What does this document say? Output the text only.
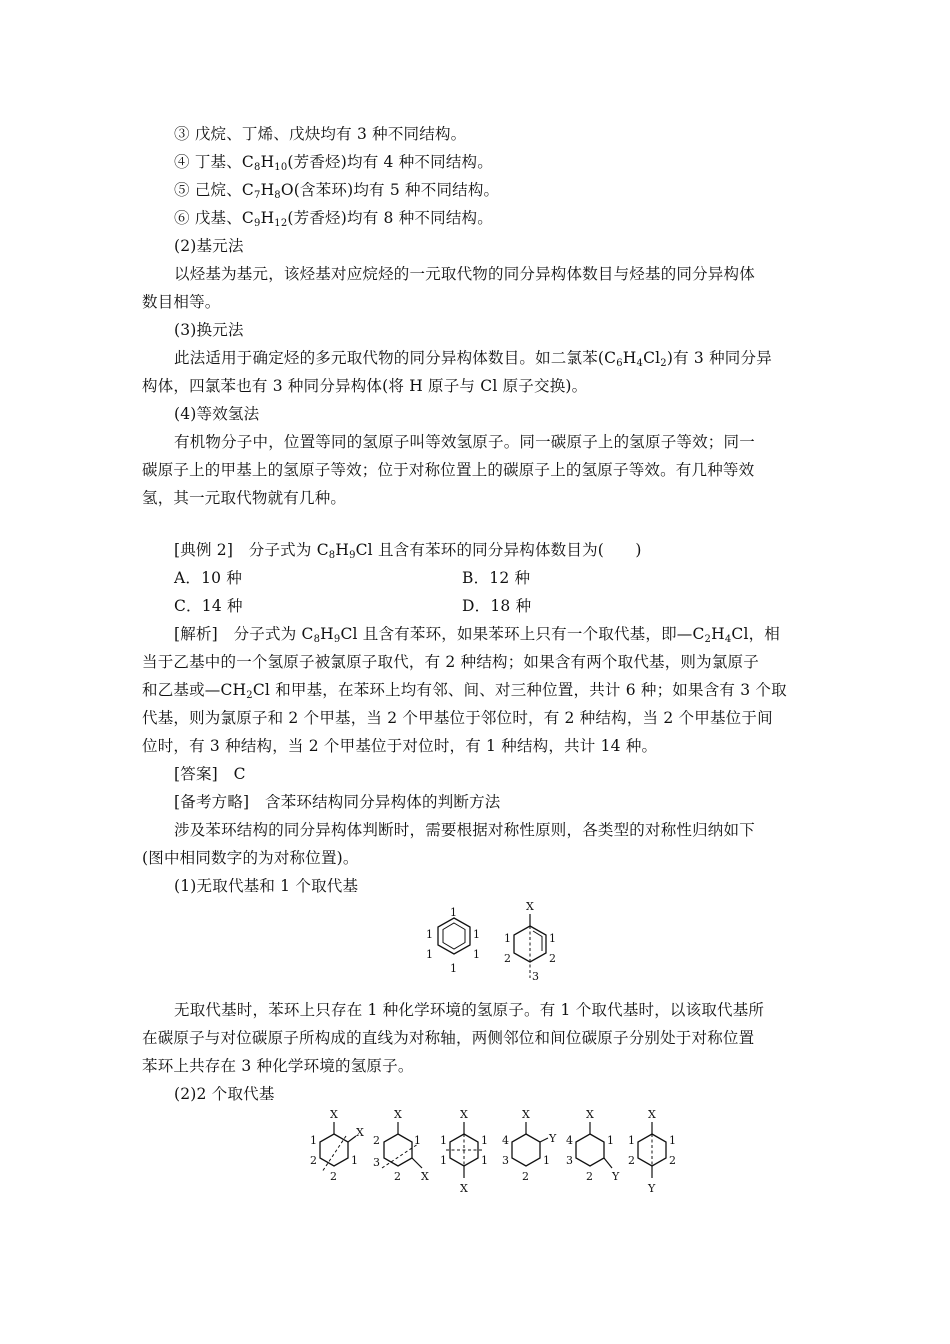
③ 戊烷、丁烯、戊炔均有 3 种不同结构。
④ 丁基、$C_8H_{10}$(芳香烃)均有 4 种不同结构。
⑤ 己烷、$C_7H_8O$(含苯环)均有 5 种不同结构。
⑥ 戊基、$C_9H_{12}$(芳香烃)均有 8 种不同结构。
(2)基元法
以烃基为基元，该烃基对应烷烃的一元取代物的同分异构体数目与烃基的同分异构体
数目相等。
(3)换元法
此法适用于确定烃的多元取代物的同分异构体数目。如二氯苯$(C_6H_4Cl_2)$有 3 种同分异
构体，四氯苯也有 3 种同分异构体(将 H 原子与 Cl 原子交换)。
(4)等效氢法
有机物分子中，位置等同的氢原子叫等效氢原子。同一碳原子上的氢原子等效；同一
碳原子上的甲基上的氢原子等效；位于对称位置上的碳原子上的氢原子等效。有几种等效
氢，其一元取代物就有几种。
[典例 2]　分子式为 $C_8H_9Cl$ 且含有苯环的同分异构体数目为(　　)
A．10 种	B．12 种
C．14 种	D．18 种
[解析]　分子式为 $C_8H_9Cl$ 且含有苯环，如果苯环上只有一个取代基，即$—C_2H_4Cl$，相
当于乙基中的一个氢原子被氯原子取代，有 2 种结构；如果含有两个取代基，则为氯原子
和乙基或$—CH_2Cl$ 和甲基，在苯环上均有邻、间、对三种位置，共计 6 种；如果含有 3 个取
代基，则为氯原子和 2 个甲基，当 2 个甲基位于邻位时，有 2 种结构，当 2 个甲基位于间
位时，有 3 种结构，当 2 个甲基位于对位时，有 1 种结构，共计 14 种。
[答案]　C
[备考方略]　含苯环结构同分异构体的判断方法
涉及苯环结构的同分异构体判断时，需要根据对称性原则，各类型的对称性归纳如下
(图中相同数字的为对称位置)。
(1)无取代基和 1 个取代基
1
1	1
1	1
1
X
1	1
2	2
3
无取代基时，苯环上只存在 1 种化学环境的氢原子。有 1 个取代基时，以该取代基所
在碳原子与对位碳原子所构成的直线为对称轴，两侧邻位和间位碳原子分别处于对称位置
苯环上共存在 3 种化学环境的氢原子。
(2)2 个取代基
X
X
1
1
2
2
X
X
2	1
3
2
X
X
1	1
1	1
X
Y
4
1
3
2
X
Y
4	1
3
2
X
Y
1	1
2	2
